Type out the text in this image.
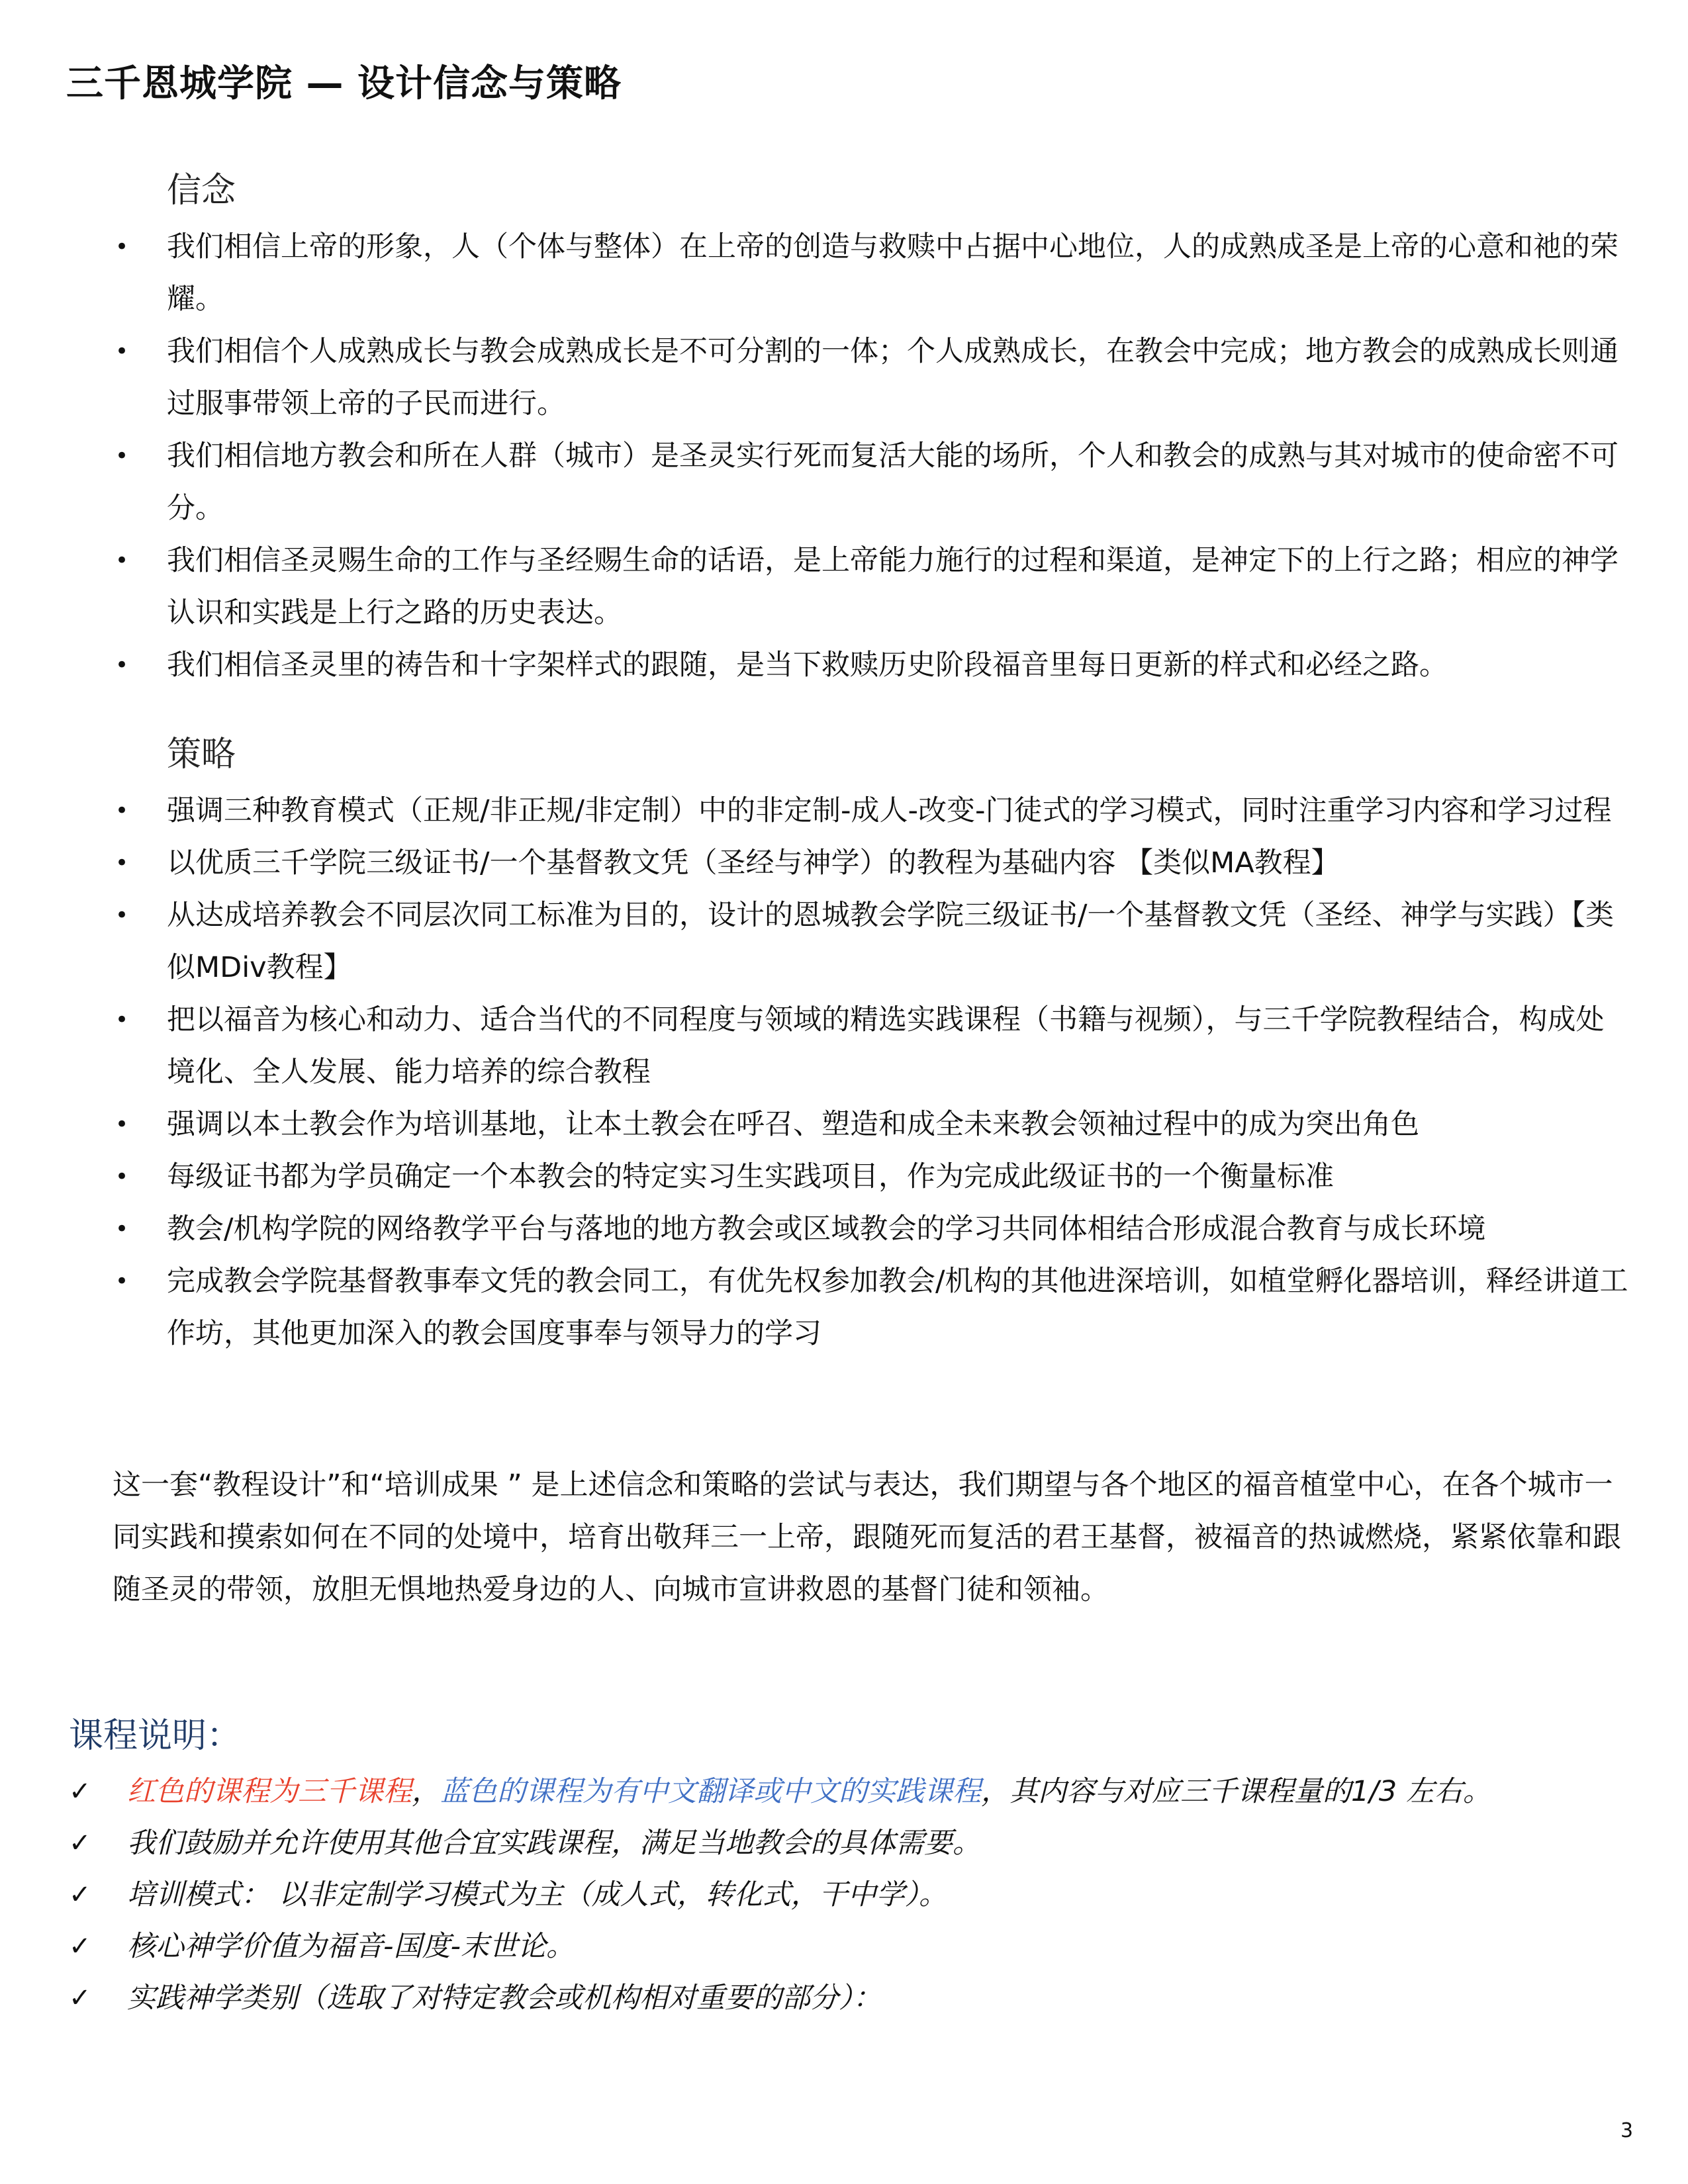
三千恩城学院 — 设计信念与策略
信念
• 我们相信上帝的形象，人（个体与整体）在上帝的创造与救赎中占据中心地位，人的成熟成圣是上帝的心意和祂的荣耀。
• 我们相信个人成熟成长与教会成熟成长是不可分割的一体；个人成熟成长，在教会中完成；地方教会的成熟成长则通过服事带领上帝的子民而进行。
• 我们相信地方教会和所在人群（城市）是圣灵实行死而复活大能的场所，个人和教会的成熟与其对城市的使命密不可分。
• 我们相信圣灵赐生命的工作与圣经赐生命的话语，是上帝能力施行的过程和渠道，是神定下的上行之路；相应的神学认识和实践是上行之路的历史表达。
• 我们相信圣灵里的祷告和十字架样式的跟随，是当下救赎历史阶段福音里每日更新的样式和必经之路。
策略
• 强调三种教育模式（正规/非正规/非定制）中的非定制-成人-改变-门徒式的学习模式，同时注重学习内容和学习过程
• 以优质三千学院三级证书/一个基督教文凭（圣经与神学）的教程为基础内容 【类似MA教程】
• 从达成培养教会不同层次同工标准为目的，设计的恩城教会学院三级证书/一个基督教文凭（圣经、神学与实践）【类似MDiv教程】
• 把以福音为核心和动力、适合当代的不同程度与领域的精选实践课程（书籍与视频），与三千学院教程结合，构成处境化、全人发展、能力培养的综合教程
• 强调以本土教会作为培训基地，让本土教会在呼召、塑造和成全未来教会领袖过程中的成为突出角色
• 每级证书都为学员确定一个本教会的特定实习生实践项目，作为完成此级证书的一个衡量标准
• 教会/机构学院的网络教学平台与落地的地方教会或区域教会的学习共同体相结合形成混合教育与成长环境
• 完成教会学院基督教事奉文凭的教会同工，有优先权参加教会/机构的其他进深培训，如植堂孵化器培训，释经讲道工作坊，其他更加深入的教会国度事奉与领导力的学习
这一套“教程设计”和“培训成果 ” 是上述信念和策略的尝试与表达，我们期望与各个地区的福音植堂中心，在各个城市一同实践和摸索如何在不同的处境中，培育出敬拜三一上帝，跟随死而复活的君王基督，被福音的热诚燃烧，紧紧依靠和跟随圣灵的带领，放胆无惧地热爱身边的人、向城市宣讲救恩的基督门徒和领袖。
课程说明：
✓ 红色的课程为三千课程，蓝色的课程为有中文翻译或中文的实践课程，其内容与对应三千课程量的1/3 左右。
✓ 我们鼓励并允许使用其他合宜实践课程，满足当地教会的具体需要。
✓ 培训模式： 以非定制学习模式为主（成人式，转化式，干中学）。
✓ 核心神学价值为福音-国度-末世论。
✓ 实践神学类别（选取了对特定教会或机构相对重要的部分）：
3
